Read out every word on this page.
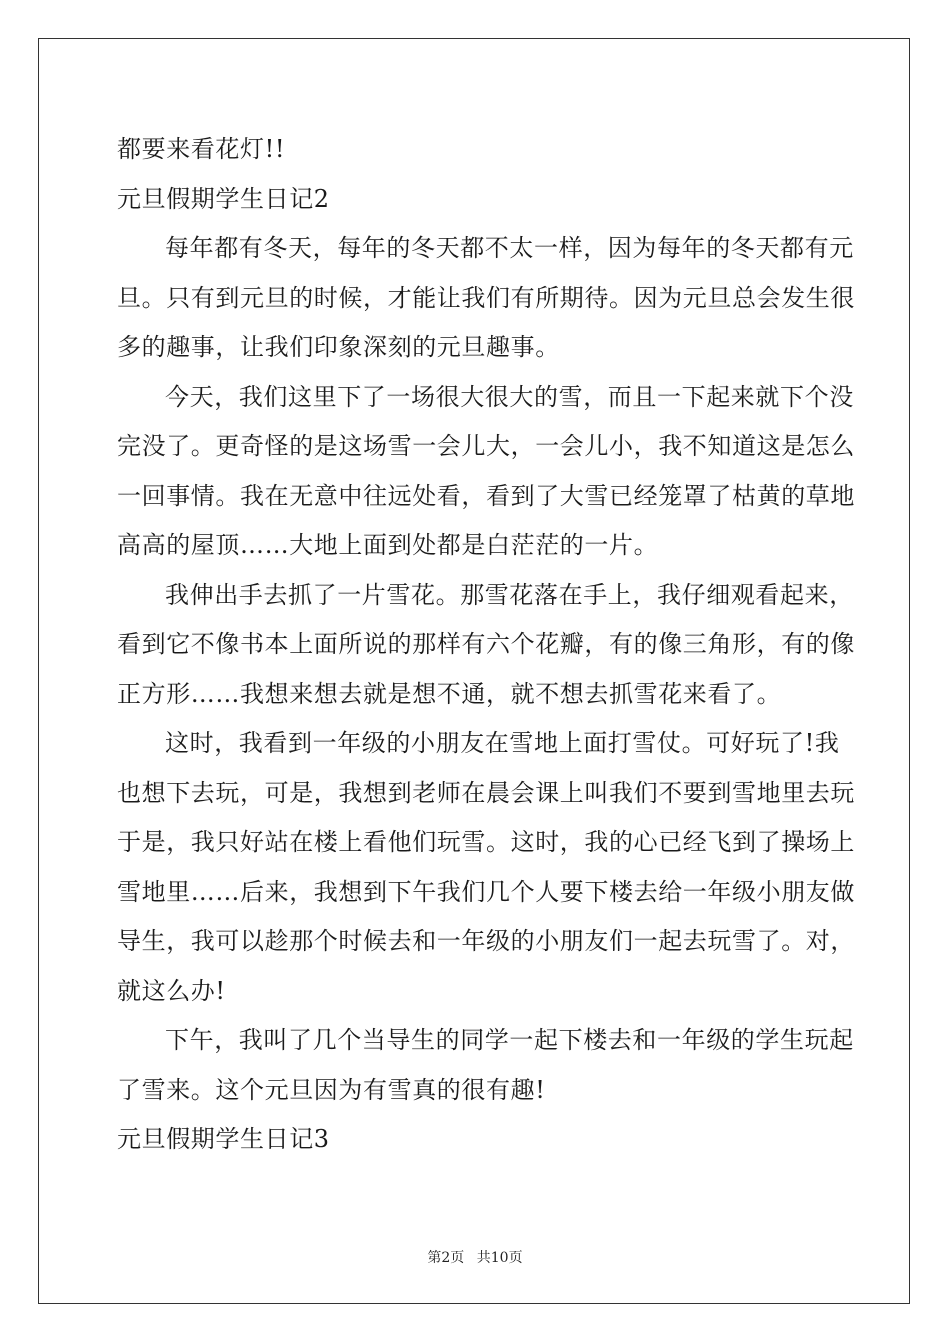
都要来看花灯!!
元旦假期学生日记2
每年都有冬天，每年的冬天都不太一样，因为每年的冬天都有元
旦。只有到元旦的时候，才能让我们有所期待。因为元旦总会发生很
多的趣事，让我们印象深刻的元旦趣事。
今天，我们这里下了一场很大很大的雪，而且一下起来就下个没
完没了。更奇怪的是这场雪一会儿大，一会儿小，我不知道这是怎么
一回事情。我在无意中往远处看，看到了大雪已经笼罩了枯黄的草地
高高的屋顶……大地上面到处都是白茫茫的一片。
我伸出手去抓了一片雪花。那雪花落在手上，我仔细观看起来，
看到它不像书本上面所说的那样有六个花瓣，有的像三角形，有的像
正方形……我想来想去就是想不通，就不想去抓雪花来看了。
这时，我看到一年级的小朋友在雪地上面打雪仗。可好玩了!我
也想下去玩，可是，我想到老师在晨会课上叫我们不要到雪地里去玩
于是，我只好站在楼上看他们玩雪。这时，我的心已经飞到了操场上
雪地里……后来，我想到下午我们几个人要下楼去给一年级小朋友做
导生，我可以趁那个时候去和一年级的小朋友们一起去玩雪了。对，
就这么办!
下午，我叫了几个当导生的同学一起下楼去和一年级的学生玩起
了雪来。这个元旦因为有雪真的很有趣!
元旦假期学生日记3
第2页 共10页
